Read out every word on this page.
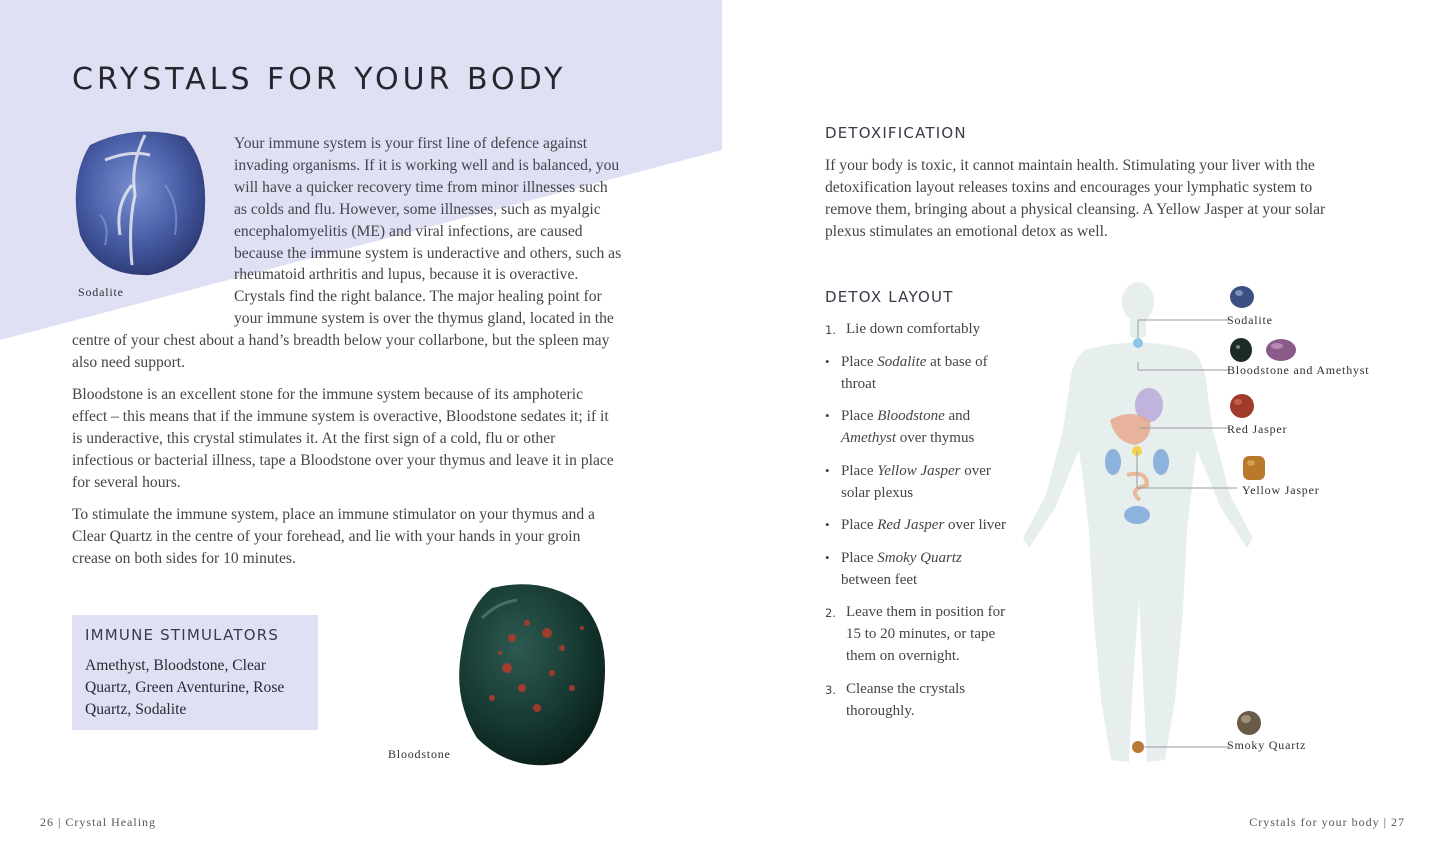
CRYSTALS FOR YOUR BODY
Sodalite

Your immune system is your first line of defence against invading organisms. If it is working well and is balanced, you will have a quicker recovery time from minor illnesses such as colds and flu. However, some illnesses, such as myalgic encephalomyelitis (ME) and viral infections, are caused because the immune system is underactive and others, such as rheumatoid arthritis and lupus, because it is overactive. Crystals find the right balance. The major healing point for your immune system is over the thymus gland, located in the centre of your chest about a hand’s breadth below your collarbone, but the spleen may also need support.

Bloodstone is an excellent stone for the immune system because of its amphoteric effect – this means that if the immune system is overactive, Bloodstone sedates it; if it is underactive, this crystal stimulates it. At the first sign of a cold, flu or other infectious or bacterial illness, tape a Bloodstone over your thymus and leave it in place for several hours.

To stimulate the immune system, place an immune stimulator on your thymus and a Clear Quartz in the centre of your forehead, and lie with your hands in your groin crease on both sides for 10 minutes.

IMMUNE STIMULATORS

Amethyst, Bloodstone, Clear Quartz, Green Aventurine, Rose Quartz, Sodalite

Bloodstone
26 | Crystal Healing
DETOXIFICATION

If your body is toxic, it cannot maintain health. Stimulating your liver with the detoxification layout releases toxins and encourages your lymphatic system to remove them, bringing about a physical cleansing. A Yellow Jasper at your solar plexus stimulates an emotional detox as well.

DETOX LAYOUT
1. Lie down comfortably
• Place Sodalite at base of throat
• Place Bloodstone and Amethyst over thymus
• Place Yellow Jasper over solar plexus
• Place Red Jasper over liver
• Place Smoky Quartz between feet
2. Leave them in position for 15 to 20 minutes, or tape them on overnight.
3. Cleanse the crystals thoroughly.
Sodalite
Bloodstone and Amethyst
Red Jasper
Yellow Jasper
Smoky Quartz
Crystals for your body | 27
